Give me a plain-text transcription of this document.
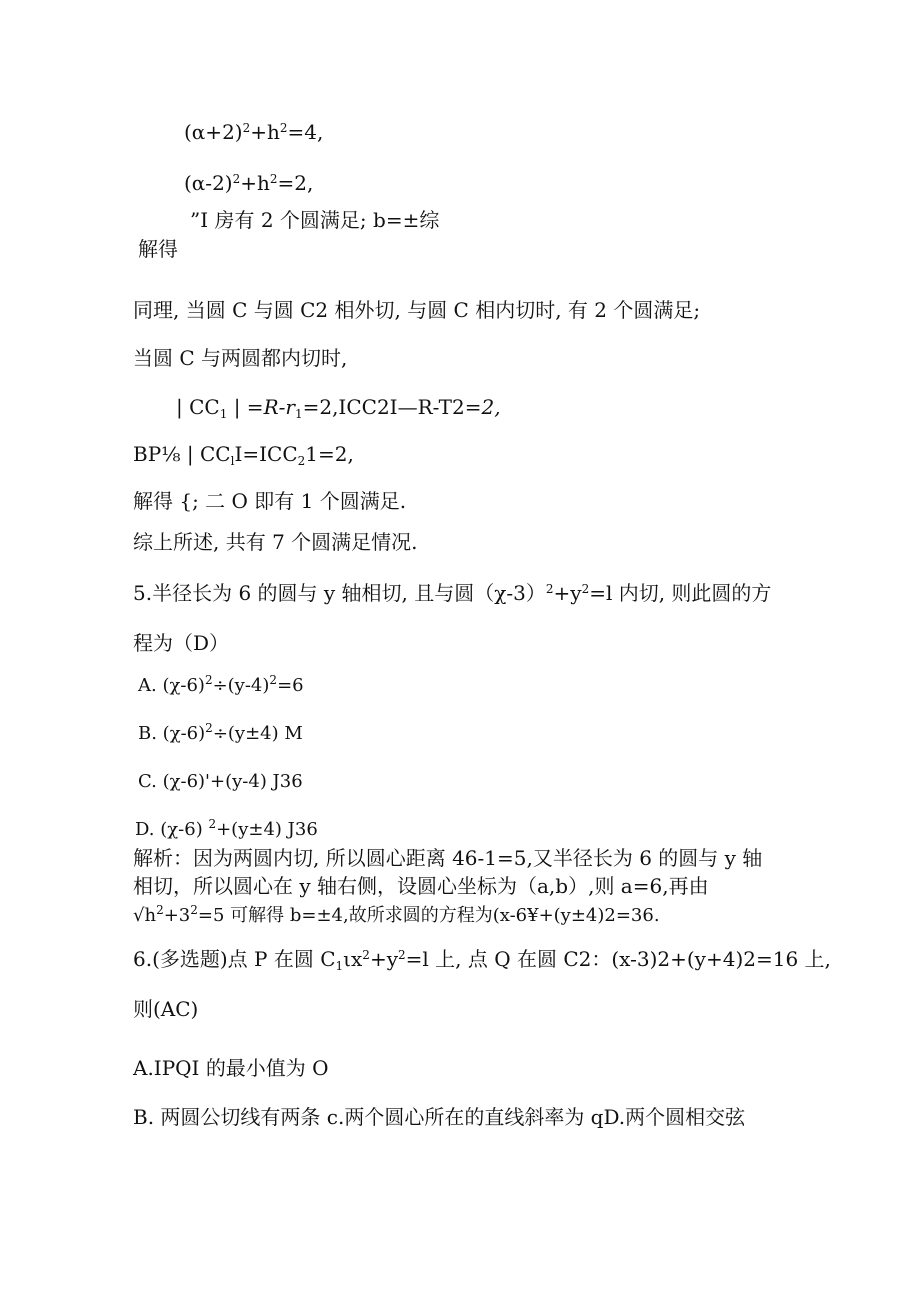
$(\alpha+2)^2+h^2=4$,
$(\alpha-2)^2+h^2=2$,
”I 房有 2 个圆满足; b=±综
解得
同理, 当圆 C 与圆 C2 相外切, 与圆 C 相内切时, 有 2 个圆满足;
当圆 C 与两圆都内切时,
| $CC_1$ | $=R-r_1=2,ICC2I—R-T2=2$,
BP⅛ | $CC_lI=ICC_21=2$,
解得 {; 二 O 即有 1 个圆满足.
综上所述, 共有 7 个圆满足情况.
5.半径长为 6 的圆与 y 轴相切, 且与圆$(\chi-3)^2+y^2=l$ 内切, 则此圆的方
程为（D）
A. $(\chi-6)^2\div(y-4)^2=6$
B. $(\chi-6)^2\div(y\pm 4)$ M
C. (χ-6)'+(y-4) J36
D. (χ-6) $^2$+(y±4) J36
解析：因为两圆内切, 所以圆心距离 46-1=5,又半径长为 6 的圆与 y 轴
相切，所以圆心在 y 轴右侧，设圆心坐标为（a,b）,则 a=6,再由
$√h^2+3^2=5$ 可解得 b=±4,故所求圆的方程为(x-6¥+(y±4)2=36.
6.(多选题)点 P 在圆 $C_1\iota x^2+y^2=l$ 上, 点 Q 在圆 C2：(x-3)2+(y+4)2=16 上,
则(AC)
A.IPQI 的最小值为 O
B. 两圆公切线有两条 c.两个圆心所在的直线斜率为 qD.两个圆相交弦
